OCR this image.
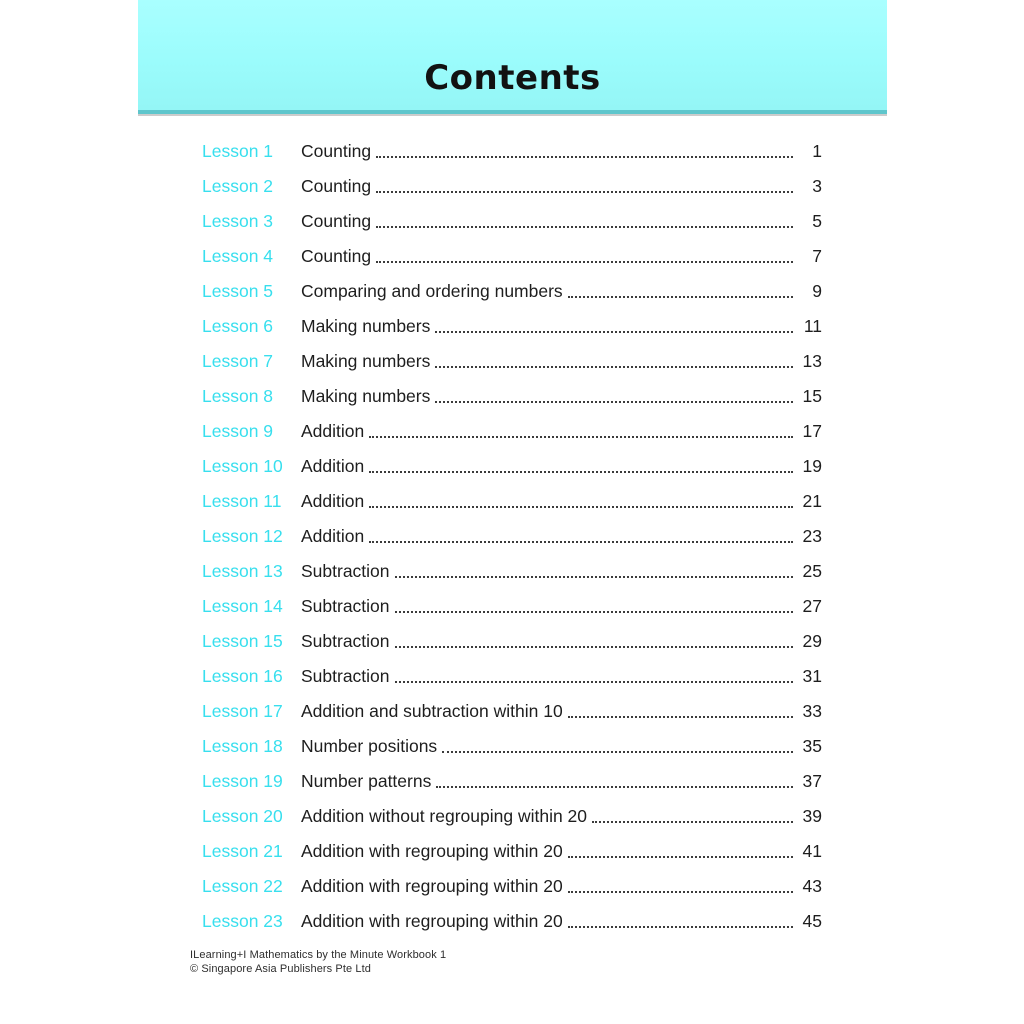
Contents
Lesson 1	Counting	1
Lesson 2	Counting	3
Lesson 3	Counting	5
Lesson 4	Counting	7
Lesson 5	Comparing and ordering numbers	9
Lesson 6	Making numbers	11
Lesson 7	Making numbers	13
Lesson 8	Making numbers	15
Lesson 9	Addition	17
Lesson 10	Addition	19
Lesson 11	Addition	21
Lesson 12	Addition	23
Lesson 13	Subtraction	25
Lesson 14	Subtraction	27
Lesson 15	Subtraction	29
Lesson 16	Subtraction	31
Lesson 17	Addition and subtraction within 10	33
Lesson 18	Number positions	35
Lesson 19	Number patterns	37
Lesson 20	Addition without regrouping within 20	39
Lesson 21	Addition with regrouping within 20	41
Lesson 22	Addition with regrouping within 20	43
Lesson 23	Addition with regrouping within 20	45
ILearning+I Mathematics by the Minute Workbook 1
© Singapore Asia Publishers Pte Ltd
